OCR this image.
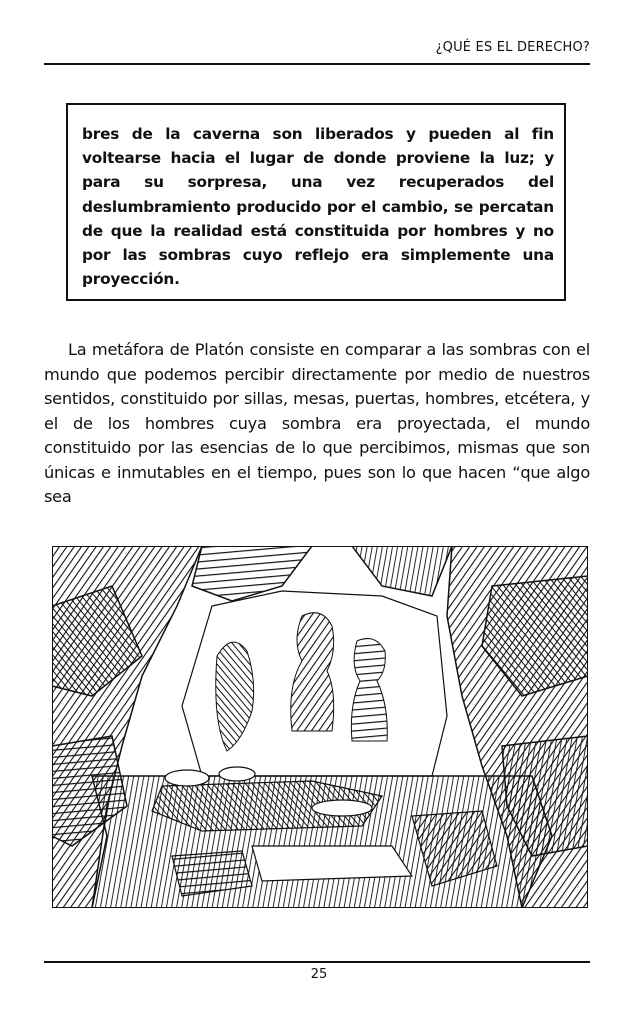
¿QUÉ ES EL DERECHO?
bres de la caverna son liberados y pueden al fin voltearse hacia el lugar de donde proviene la luz; y para su sorpresa, una vez recuperados del deslumbramiento producido por el cambio, se percatan de que la realidad está constituida por hombres y no por las sombras cuyo reflejo era simplemente una proyección.

La metáfora de Platón consiste en comparar a las sombras con el mundo que podemos percibir directamente por medio de nuestros sentidos, constituido por sillas, mesas, puertas, hombres, etcétera, y el de los hombres cuya sombra era proyectada, el mundo constituido por las esencias de lo que percibimos, mismas que son únicas e inmutables en el tiempo, pues son lo que hacen “que algo sea

25
